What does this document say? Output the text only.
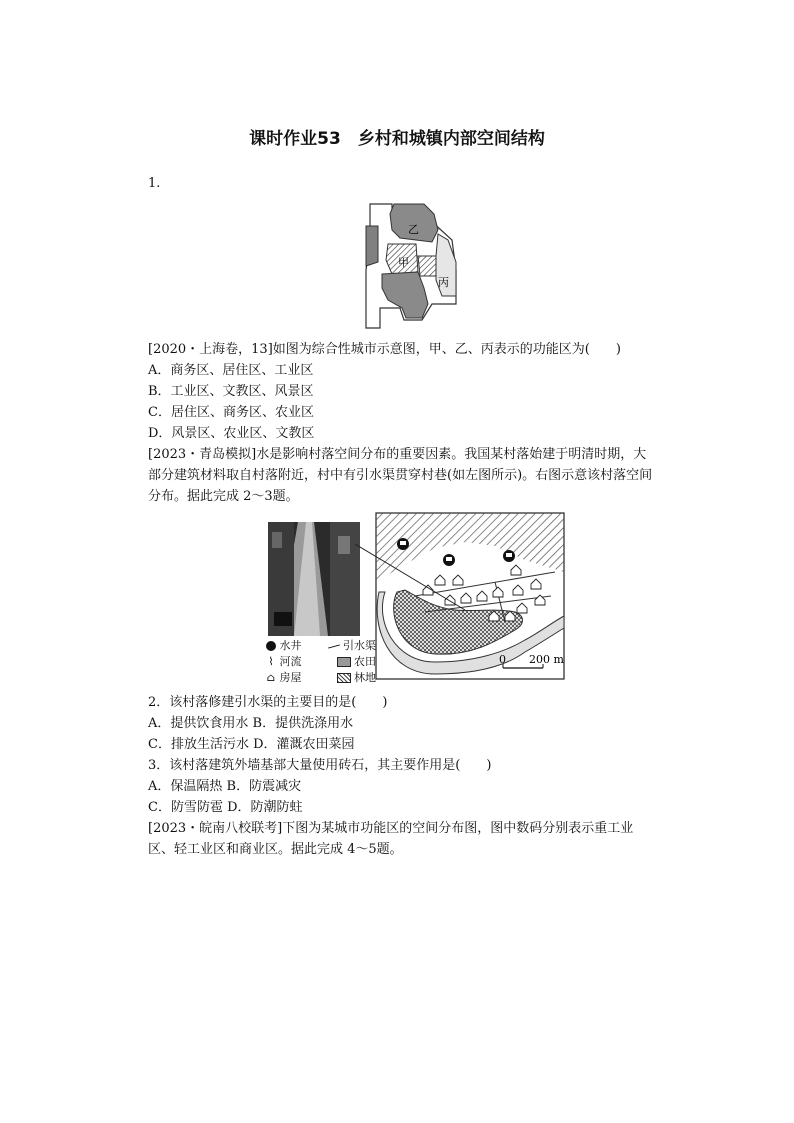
课时作业53　乡村和城镇内部空间结构
1.
乙
甲
丙
[2020・上海卷，13]如图为综合性城市示意图，甲、乙、丙表示的功能区为(　　)
A．商务区、居住区、工业区
B．工业区、文教区、风景区
C．居住区、商务区、农业区
D．风景区、农业区、文教区
[2023・青岛模拟]水是影响村落空间分布的重要因素。我国某村落始建于明清时期，大部分建筑材料取自村落附近，村中有引水渠贯穿村巷(如左图所示)。右图示意该村落空间分布。据此完成 2～3题。
0 200 m
水井	引水渠
⌇ 河流	农田
⌂ 房屋	林地
2．该村落修建引水渠的主要目的是(　　)
A．提供饮食用水 B．提供洗涤用水
C．排放生活污水 D．灌溉农田菜园
3．该村落建筑外墙基部大量使用砖石，其主要作用是(　　)
A．保温隔热 B．防震减灾
C．防雪防雹 D．防潮防蛀
[2023・皖南八校联考]下图为某城市功能区的空间分布图，图中数码分别表示重工业区、轻工业区和商业区。据此完成 4～5题。
